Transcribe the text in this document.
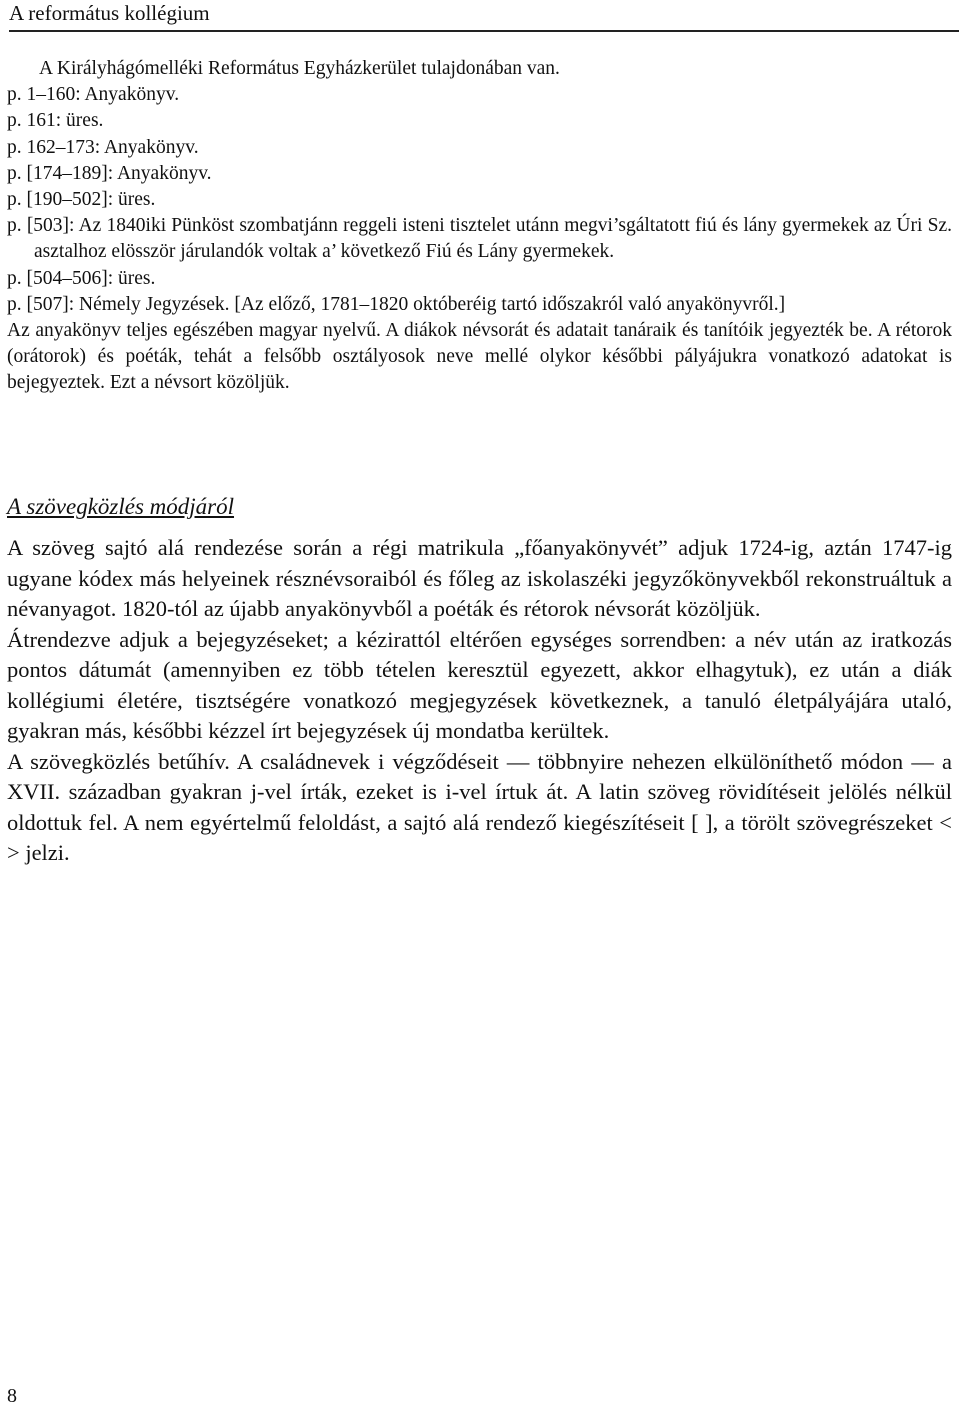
A református kollégium

A Királyhágómelléki Református Egyházkerület tulajdonában van.

p. 1–160: Anyakönyv.

p. 161: üres.

p. 162–173: Anyakönyv.

p. [174–189]: Anyakönyv.

p. [190–502]: üres.

p. [503]: Az 1840iki Pünköst szombatjánn reggeli isteni tisztelet utánn megvi’sgáltatott fiú és lány gyermekek az Úri Sz. asztalhoz elösször járulandók voltak a’ következő Fiú és Lány gyermekek.

p. [504–506]: üres.

p. [507]: Némely Jegyzések. [Az előző, 1781–1820 októberéig tartó időszakról való anyakönyvről.]

Az anyakönyv teljes egészében magyar nyelvű. A diákok névsorát és adatait tanáraik és tanítóik jegyezték be. A rétorok (orátorok) és poéták, tehát a felsőbb osztályosok neve mellé olykor későbbi pályájukra vonatkozó adatokat is bejegyeztek. Ezt a névsort közöljük.

A szövegközlés módjáról

A szöveg sajtó alá rendezése során a régi matrikula „főanyakönyvét” adjuk 1724-ig, aztán 1747-ig ugyane kódex más helyeinek résznévsoraiból és főleg az iskolaszéki jegyzőkönyvekből rekonstruáltuk a névanyagot. 1820-tól az újabb anyakönyvből a poéták és rétorok névsorát közöljük.

Átrendezve adjuk a bejegyzéseket; a kézirattól eltérően egységes sorrendben: a név után az iratkozás pontos dátumát (amennyiben ez több tételen keresztül egyezett, akkor elhagytuk), ez után a diák kollégiumi életére, tisztségére vonatkozó megjegyzések következnek, a tanuló életpályájára utaló, gyakran más, későbbi kézzel írt bejegyzések új mondatba kerültek.

A szövegközlés betűhív. A családnevek i végződéseit — többnyire nehezen elkülöníthető módon — a XVII. században gyakran j-vel írták, ezeket is i-vel írtuk át. A latin szöveg rövidítéseit jelölés nélkül oldottuk fel. A nem egyértelmű feloldást, a sajtó alá rendező kiegészítéseit [ ], a törölt szövegrészeket < > jelzi.

8
